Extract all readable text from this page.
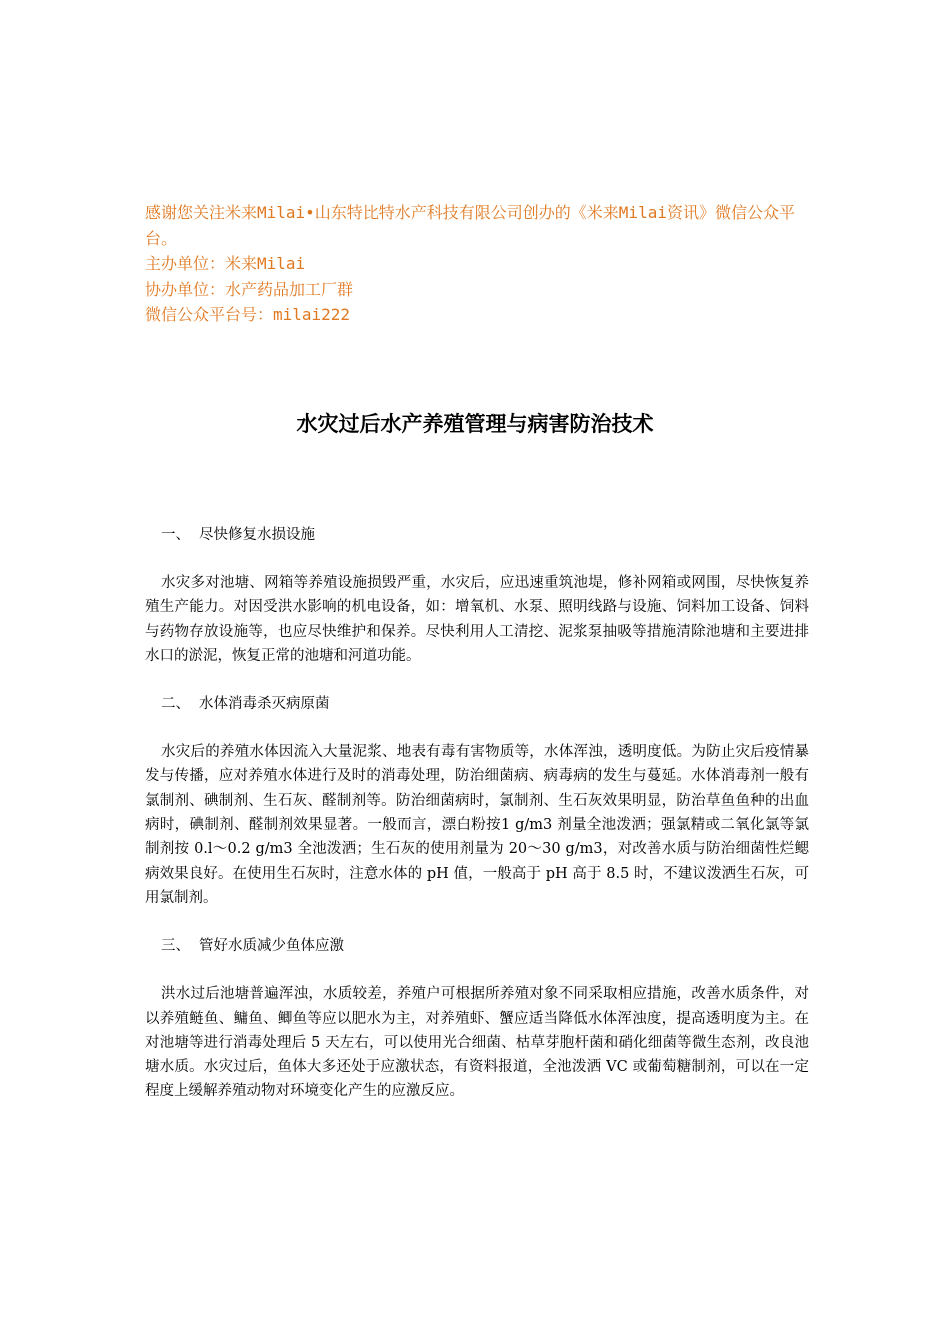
感谢您关注米来Milai•山东特比特水产科技有限公司创办的《米来Milai资讯》微信公众平台。

主办单位：米来Milai

协办单位：水产药品加工厂群

微信公众平台号：milai222

水灾过后水产养殖管理与病害防治技术

一、 尽快修复水损设施

水灾多对池塘、网箱等养殖设施损毁严重，水灾后，应迅速重筑池堤，修补网箱或网围，尽快恢复养殖生产能力。对因受洪水影响的机电设备，如：增氧机、水泵、照明线路与设施、饲料加工设备、饲料与药物存放设施等，也应尽快维护和保养。尽快利用人工清挖、泥浆泵抽吸等措施清除池塘和主要进排水口的淤泥，恢复正常的池塘和河道功能。

二、 水体消毒杀灭病原菌

水灾后的养殖水体因流入大量泥浆、地表有毒有害物质等，水体浑浊，透明度低。为防止灾后疫情暴发与传播，应对养殖水体进行及时的消毒处理，防治细菌病、病毒病的发生与蔓延。水体消毒剂一般有氯制剂、碘制剂、生石灰、醛制剂等。防治细菌病时，氯制剂、生石灰效果明显，防治草鱼鱼种的出血病时，碘制剂、醛制剂效果显著。一般而言，漂白粉按1 g/m3 剂量全池泼洒；强氯精或二氧化氯等氯制剂按 0.l～0.2 g/m3 全池泼洒；生石灰的使用剂量为 20～30 g/m3，对改善水质与防治细菌性烂鳃病效果良好。在使用生石灰时，注意水体的 pH 值，一般高于 pH 高于 8.5 时，不建议泼洒生石灰，可用氯制剂。

三、 管好水质减少鱼体应激

洪水过后池塘普遍浑浊，水质较差，养殖户可根据所养殖对象不同采取相应措施，改善水质条件，对以养殖鲢鱼、鳙鱼、鲫鱼等应以肥水为主，对养殖虾、蟹应适当降低水体浑浊度，提高透明度为主。在对池塘等进行消毒处理后 5 天左右，可以使用光合细菌、枯草芽胞杆菌和硝化细菌等微生态剂，改良池塘水质。水灾过后，鱼体大多还处于应激状态，有资料报道，全池泼洒 VC 或葡萄糖制剂，可以在一定程度上缓解养殖动物对环境变化产生的应激反应。
